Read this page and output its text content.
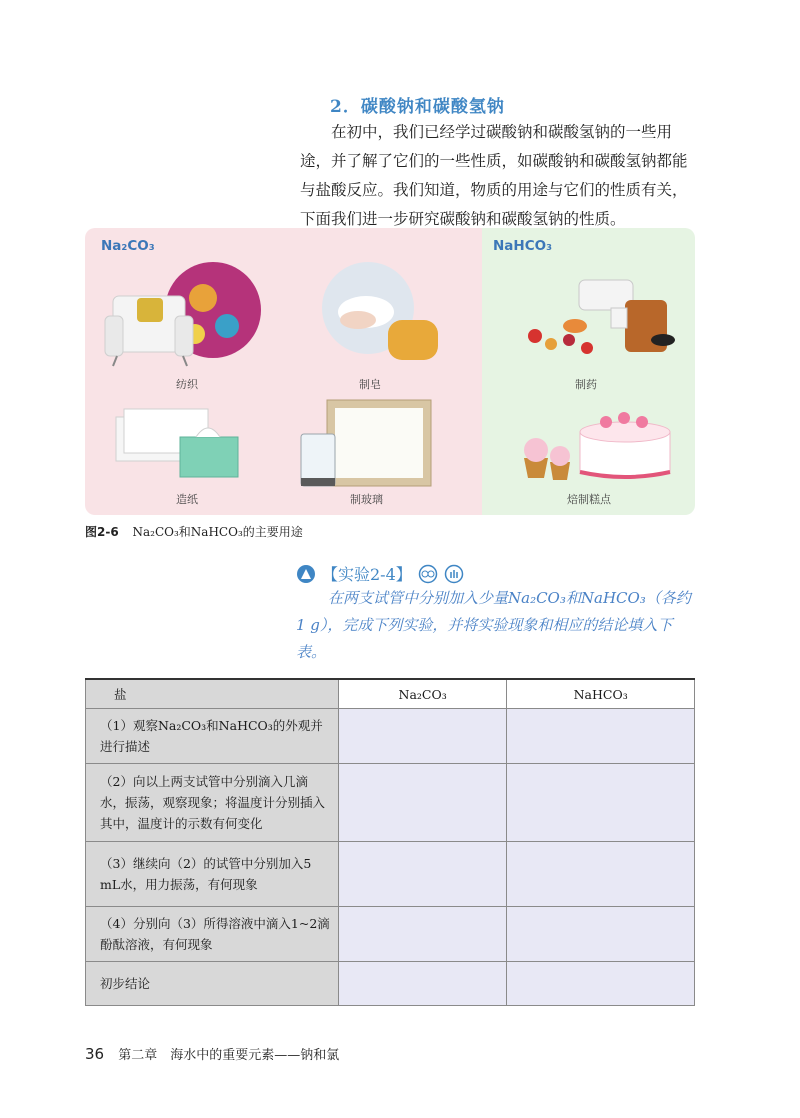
2．碳酸钠和碳酸氢钠

在初中，我们已经学过碳酸钠和碳酸氢钠的一些用途，并了解了它们的一些性质，如碳酸钠和碳酸氢钠都能与盐酸反应。我们知道，物质的用途与它们的性质有关，下面我们进一步研究碳酸钠和碳酸氢钠的性质。

Na₂CO₃	NaHCO₃
纺织	制皂
造纸	制玻璃
制药
焙制糕点
图2-6 Na₂CO₃和NaHCO₃的主要用途
【实验2-4】

在两支试管中分别加入少量Na₂CO₃和NaHCO₃（各约1 g），完成下列实验，并将实验现象和相应的结论填入下表。

盐	Na₂CO₃	NaHCO₃
（1）观察Na₂CO₃和NaHCO₃的外观并进行描述		
（2）向以上两支试管中分别滴入几滴水，振荡，观察现象；将温度计分别插入其中，温度计的示数有何变化		
（3）继续向（2）的试管中分别加入5 mL水，用力振荡，有何现象		
（4）分别向（3）所得溶液中滴入1~2滴酚酞溶液，有何现象		
初步结论		
36 第二章　海水中的重要元素——钠和氯
